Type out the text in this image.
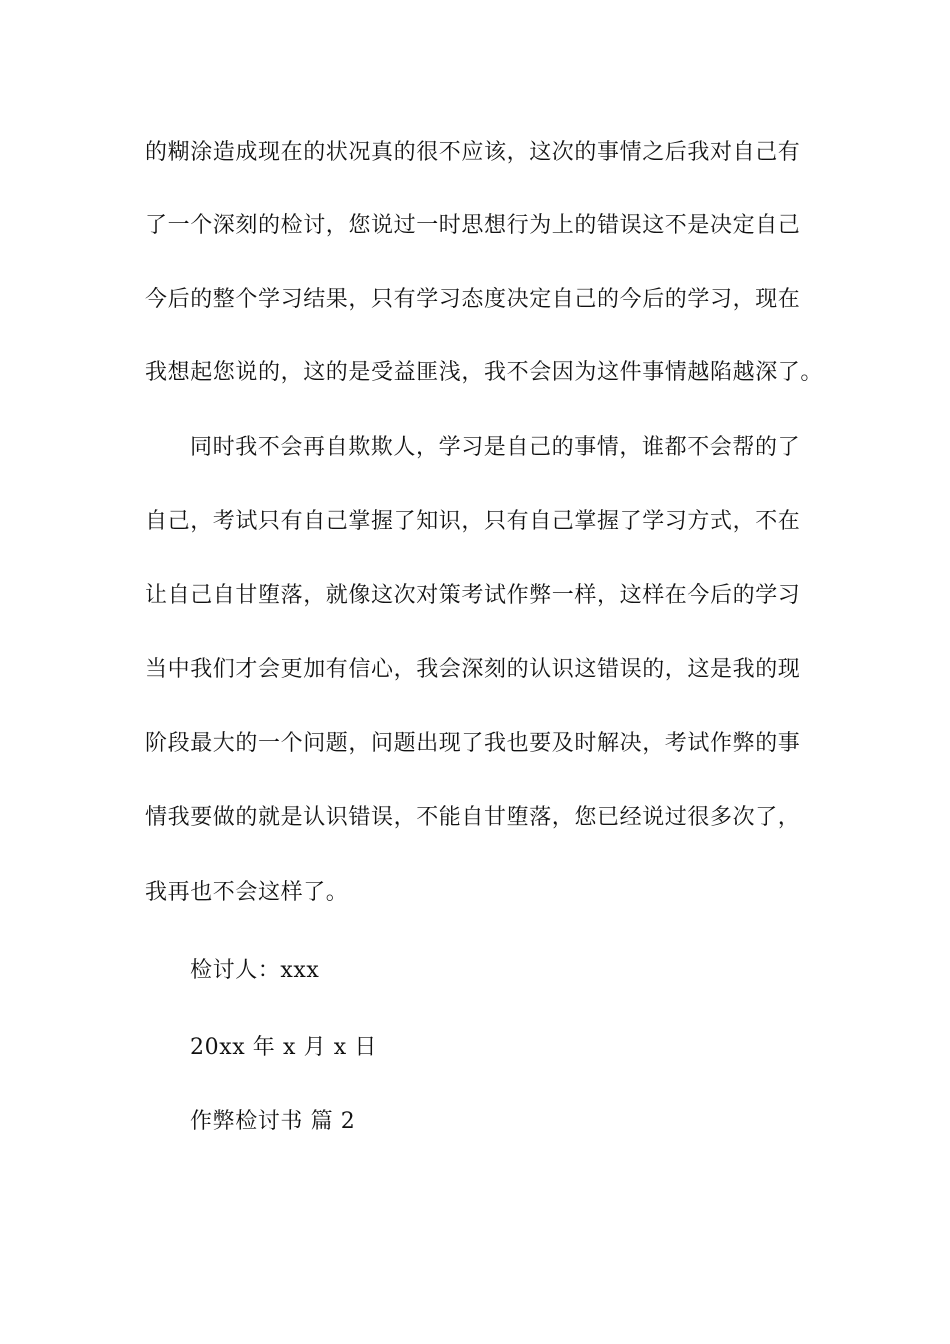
的糊涂造成现在的状况真的很不应该，这次的事情之后我对自己有
了一个深刻的检讨，您说过一时思想行为上的错误这不是决定自己
今后的整个学习结果，只有学习态度决定自己的今后的学习，现在
我想起您说的，这的是受益匪浅，我不会因为这件事情越陷越深了。
同时我不会再自欺欺人，学习是自己的事情，谁都不会帮的了
自己，考试只有自己掌握了知识，只有自己掌握了学习方式，不在
让自己自甘堕落，就像这次对策考试作弊一样，这样在今后的学习
当中我们才会更加有信心，我会深刻的认识这错误的，这是我的现
阶段最大的一个问题，问题出现了我也要及时解决，考试作弊的事
情我要做的就是认识错误，不能自甘堕落，您已经说过很多次了，
我再也不会这样了。
检讨人：xxx
20xx 年 x 月 x 日
作弊检讨书 篇 2
